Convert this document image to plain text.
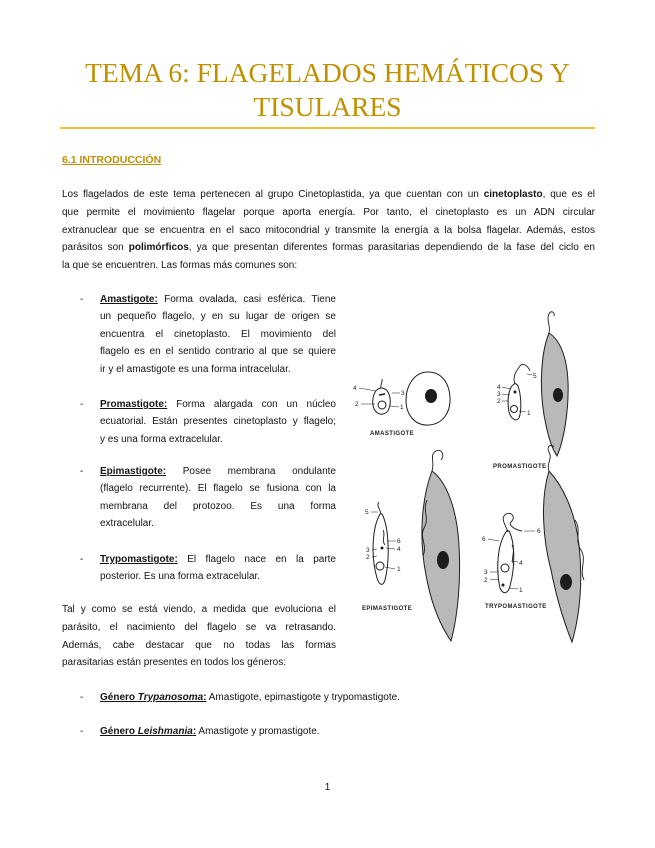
TEMA 6: FLAGELADOS HEMÁTICOS Y
TISULARES
6.1 INTRODUCCIÓN
Los flagelados de este tema pertenecen al grupo Cinetoplastida, ya que cuentan con un cinetoplasto, que es el
que permite el movimiento flagelar porque aporta energía. Por tanto, el cinetoplasto es un ADN circular
extranuclear que se encuentra en el saco mitocondrial y transmite la energía a la bolsa flagelar. Además, estos
parásitos son polimórficos, ya que presentan diferentes formas parasitarias dependiendo de la fase del ciclo en
la que se encuentren. Las formas más comunes son:
- Amastigote: Forma ovalada, casi esférica. Tiene
un pequeño flagelo, y en su lugar de origen se
encuentra el cinetoplasto. El movimiento del
flagelo es en el sentido contrario al que se quiere
ir y el amastigote es una forma intracelular.
- Promastigote: Forma alargada con un núcleo
ecuatorial. Están presentes cinetoplasto y flagelo;
y es una forma extracelular.
- Epimastigote: Posee membrana ondulante
(flagelo recurrente). El flagelo se fusiona con la
membrana del protozoo. Es una forma
extracelular.
- Trypomastigote: El flagelo nace en la parte
posterior. Es una forma extracelular.
Tal y como se está viendo, a medida que evoluciona el
parásito, el nacimiento del flagelo se va retrasando.
Además, cabe destacar que no todas las formas
parasitarias están presentes en todos los géneros:
- Género Trypanosoma: Amastigote, epimastigote y trypomastigote.
- Género Leishmania: Amastigote y promastigote.
4
3
2	1
AMASTIGOTE
5
4
3
2
1
PROMASTIGOTE
5
6
4
3
2
1
EPIMASTIGOTE
6
6
4
3
2
1
TRYPOMASTIGOTE
1
